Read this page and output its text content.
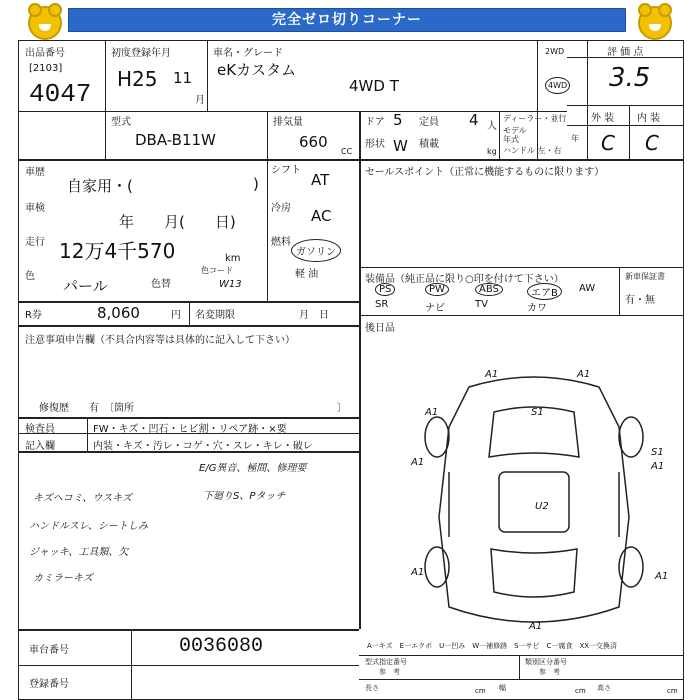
完全ゼロ切りコーナー
出品番号
[2103]
4047
初度登録年月
H25 11
月
車名・グレード
eKカスタム
4WD T
2WD
4WD
評 価 点
3.5
外 装 内 装
C C
型式
DBA-B11W
排気量
660
CC
ドア 5 定員 4 人
形状 W 積載
kg
ディーラー・並行
モデル
年式	年
ハンドル 左・右
車歴
自家用・(	)
車検
年　　月(　　日)
走行 12万4千570	km
色
パール	色替
色コード
W13
シフト
AT
冷房 AC
燃料
ガソリン
軽 油
R券	8,060	円 名変期限	月　日
注意事項申告欄（不具合内容等は具体的に記入して下さい）
修復歴　　有　〔箇所	〕
検査員
記入欄
FW・キズ・凹石・ヒビ割・リペア跡・×要
内装・キズ・汚レ・コゲ・穴・スレ・キレ・破レ
E/G異音、極間、修理要
下廻りS、Pタッチ
キズヘコミ、ウスキズ
ハンドルスレ、シートしみ
ジャッキ、工具類、欠
カミラーキズ
セールスポイント（正常に機能するものに限ります）
装備品（純正品に限り○印を付けて下さい）	新車保証書
有・無
PS	PW	ABS	エアB	AW
SR	ナビ	TV	カワ
後日品
A1	A1
A1	S1
A1
S1
A1
U2
A1	A1
A1
A一キズ　E一エクボ　U一凹み　W一補修跡　S一サビ　C一腐食　XX一交換済
車台番号	0036080
登録番号
型式指定番号
参　考
類別区分番号
参　考
長さ	cm 幅	cm 高さ	cm
